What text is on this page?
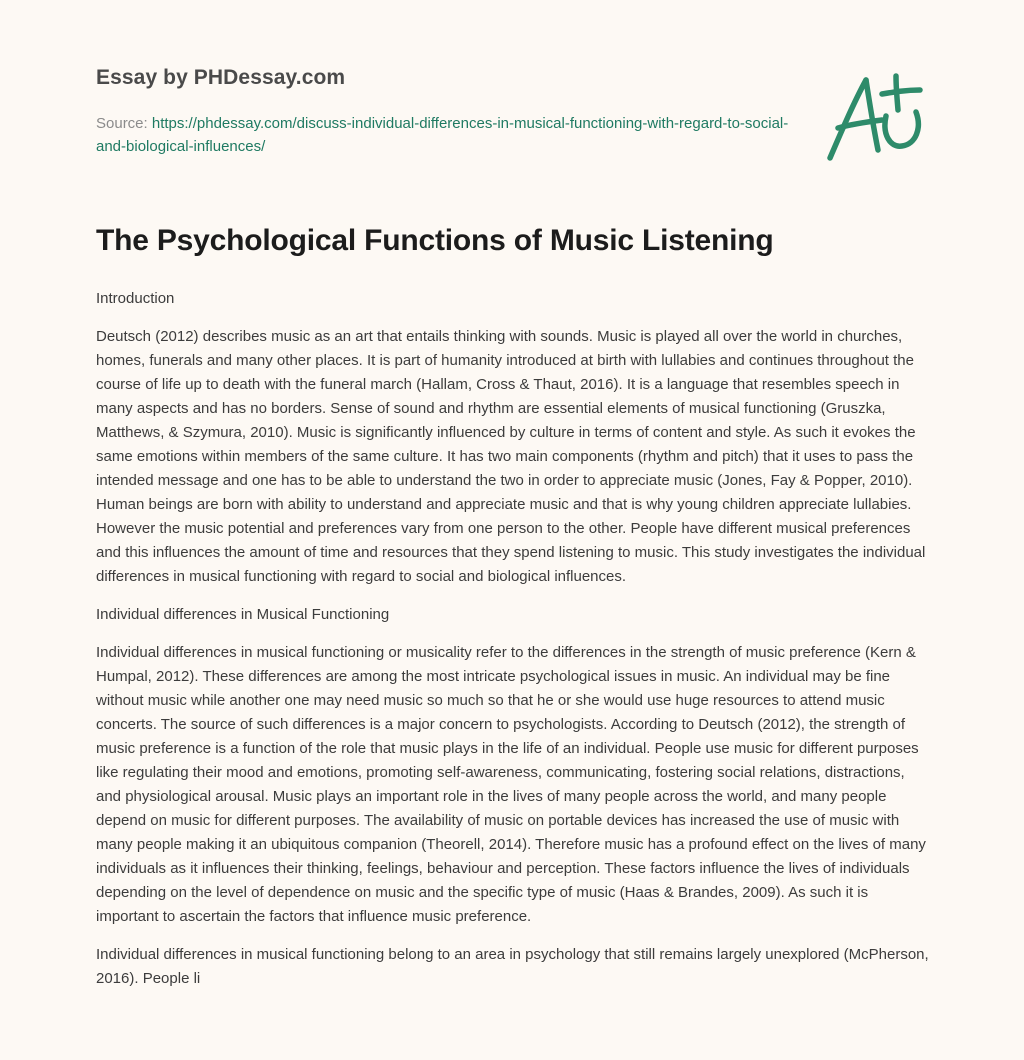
Essay by PHDessay.com
Source: https://phdessay.com/discuss-individual-differences-in-musical-functioning-with-regard-to-social-and-biological-influences/
The Psychological Functions of Music Listening

Introduction

Deutsch (2012) describes music as an art that entails thinking with sounds. Music is played all over the world in churches, homes, funerals and many other places. It is part of humanity introduced at birth with lullabies and continues throughout the course of life up to death with the funeral march (Hallam, Cross & Thaut, 2016). It is a language that resembles speech in many aspects and has no borders. Sense of sound and rhythm are essential elements of musical functioning (Gruszka, Matthews, & Szymura, 2010). Music is significantly influenced by culture in terms of content and style. As such it evokes the same emotions within members of the same culture. It has two main components (rhythm and pitch) that it uses to pass the intended message and one has to be able to understand the two in order to appreciate music (Jones, Fay & Popper, 2010). Human beings are born with ability to understand and appreciate music and that is why young children appreciate lullabies. However the music potential and preferences vary from one person to the other. People have different musical preferences and this influences the amount of time and resources that they spend listening to music. This study investigates the individual differences in musical functioning with regard to social and biological influences.

Individual differences in Musical Functioning

Individual differences in musical functioning or musicality refer to the differences in the strength of music preference (Kern & Humpal, 2012). These differences are among the most intricate psychological issues in music. An individual may be fine without music while another one may need music so much so that he or she would use huge resources to attend music concerts. The source of such differences is a major concern to psychologists. According to Deutsch (2012), the strength of music preference is a function of the role that music plays in the life of an individual. People use music for different purposes like regulating their mood and emotions, promoting self-awareness, communicating, fostering social relations, distractions, and physiological arousal. Music plays an important role in the lives of many people across the world, and many people depend on music for different purposes. The availability of music on portable devices has increased the use of music with many people making it an ubiquitous companion (Theorell, 2014). Therefore music has a profound effect on the lives of many individuals as it influences their thinking, feelings, behaviour and perception. These factors influence the lives of individuals depending on the level of dependence on music and the specific type of music (Haas & Brandes, 2009). As such it is important to ascertain the factors that influence music preference.

Individual differences in musical functioning belong to an area in psychology that still remains largely unexplored (McPherson, 2016). People li
